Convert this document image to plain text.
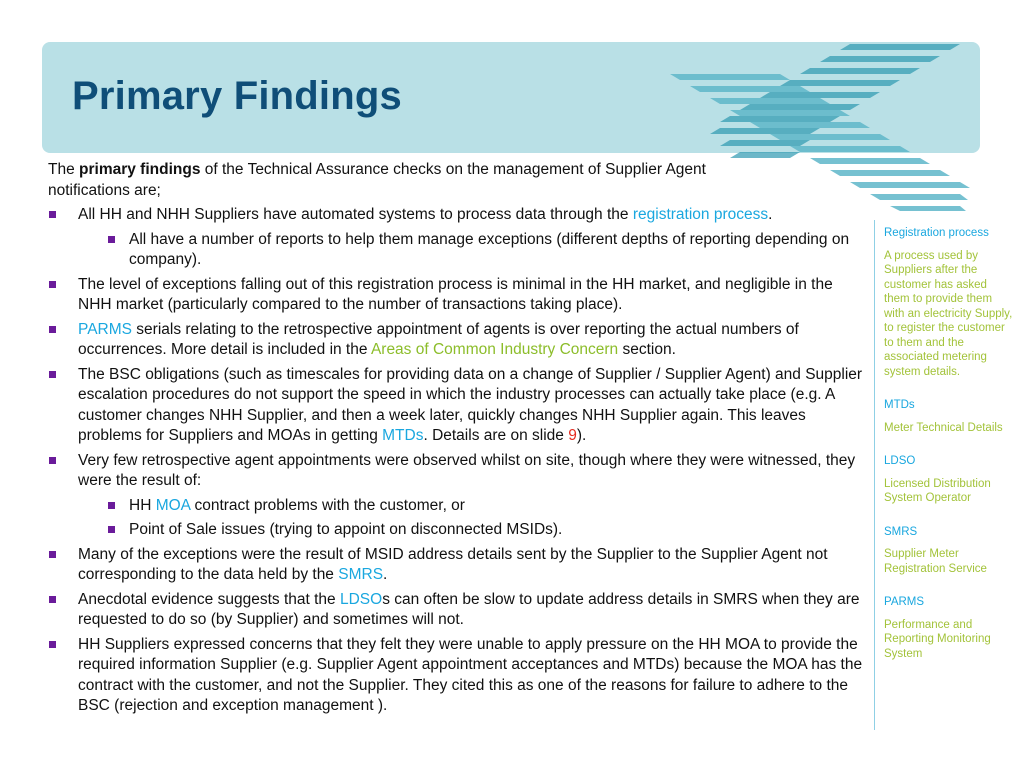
Primary Findings

The primary findings of the Technical Assurance checks on the management of Supplier Agent notifications are;

All HH and NHH Suppliers have automated systems to process data through the registration process.
All have a number of reports to help them manage exceptions (different depths of reporting depending on company).
The level of exceptions falling out of this registration process is minimal in the HH market, and negligible in the NHH market (particularly compared to the number of transactions taking place).
PARMS serials relating to the retrospective appointment of agents is over reporting the actual numbers of occurrences. More detail is included in the Areas of Common Industry Concern section.
The BSC obligations (such as timescales for providing data on a change of Supplier / Supplier Agent) and Supplier escalation procedures do not support the speed in which the industry processes can actually take place (e.g. A customer changes NHH Supplier, and then a week later, quickly changes NHH Supplier again. This leaves problems for Suppliers and MOAs in getting MTDs. Details are on slide 9).
Very few retrospective agent appointments were observed whilst on site, though where they were witnessed, they were the result of:
HH MOA contract problems with the customer, or
Point of Sale issues (trying to appoint on disconnected MSIDs).
Many of the exceptions were the result of MSID address details sent by the Supplier to the Supplier Agent not corresponding to the data held by the SMRS.
Anecdotal evidence suggests that the LDSOs can often be slow to update address details in SMRS when they are requested to do so (by Supplier) and sometimes will not.
HH Suppliers expressed concerns that they felt they were unable to apply pressure on the HH MOA to provide the required information Supplier (e.g. Supplier Agent appointment acceptances and MTDs) because the MOA has the contract with the customer, and not the Supplier. They cited this as one of the reasons for failure to adhere to the BSC (rejection and exception management ).
Registration process
A process used by Suppliers after the customer has asked them to provide them with an electricity Supply, to register the customer to them and the associated metering system details.
MTDs
Meter Technical Details
LDSO
Licensed Distribution System Operator
SMRS
Supplier Meter Registration Service
PARMS
Performance and Reporting Monitoring System
